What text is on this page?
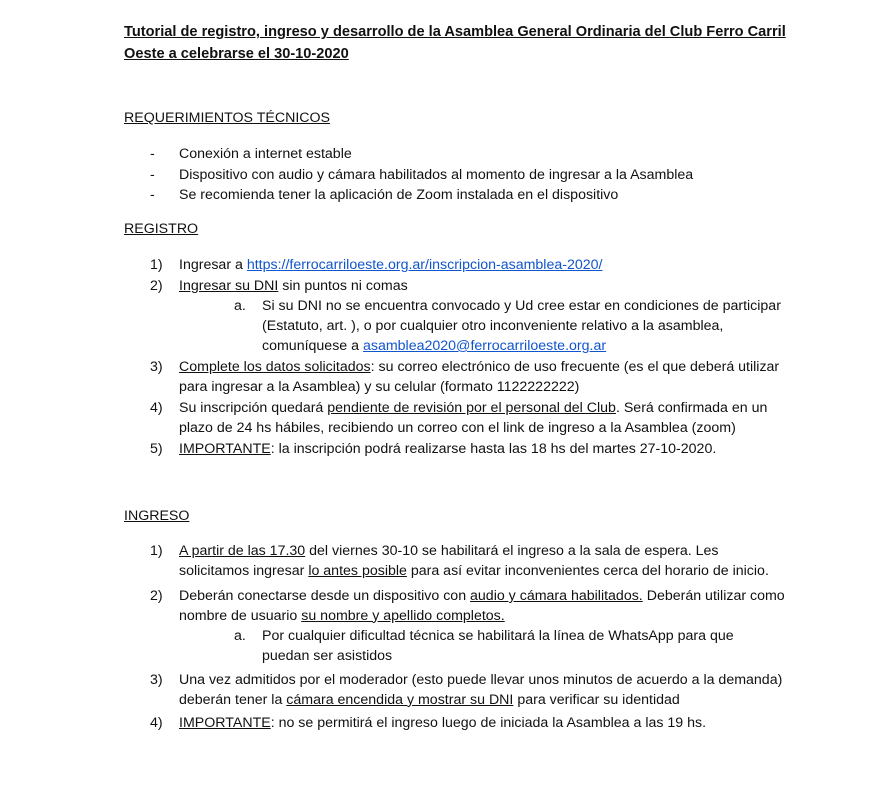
Tutorial de registro, ingreso y desarrollo de la Asamblea General Ordinaria del Club Ferro Carril Oeste a celebrarse el 30-10-2020
REQUERIMIENTOS TÉCNICOS
- Conexión a internet estable
- Dispositivo con audio y cámara habilitados al momento de ingresar a la Asamblea
- Se recomienda tener la aplicación de Zoom instalada en el dispositivo
REGISTRO
1) Ingresar a https://ferrocarriloeste.org.ar/inscripcion-asamblea-2020/
2) Ingresar su DNI sin puntos ni comas
a. Si su DNI no se encuentra convocado y Ud cree estar en condiciones de participar (Estatuto, art. ), o por cualquier otro inconveniente relativo a la asamblea, comuníquese a asamblea2020@ferrocarriloeste.org.ar
3) Complete los datos solicitados: su correo electrónico de uso frecuente (es el que deberá utilizar para ingresar a la Asamblea) y su celular (formato 1122222222)
4) Su inscripción quedará pendiente de revisión por el personal del Club. Será confirmada en un plazo de 24 hs hábiles, recibiendo un correo con el link de ingreso a la Asamblea (zoom)
5) IMPORTANTE: la inscripción podrá realizarse hasta las 18 hs del martes 27-10-2020.
INGRESO
1) A partir de las 17.30 del viernes 30-10 se habilitará el ingreso a la sala de espera. Les solicitamos ingresar lo antes posible para así evitar inconvenientes cerca del horario de inicio.
2) Deberán conectarse desde un dispositivo con audio y cámara habilitados. Deberán utilizar como nombre de usuario su nombre y apellido completos.
a. Por cualquier dificultad técnica se habilitará la línea de WhatsApp para que puedan ser asistidos
3) Una vez admitidos por el moderador (esto puede llevar unos minutos de acuerdo a la demanda) deberán tener la cámara encendida y mostrar su DNI para verificar su identidad
4) IMPORTANTE: no se permitirá el ingreso luego de iniciada la Asamblea a las 19 hs.
